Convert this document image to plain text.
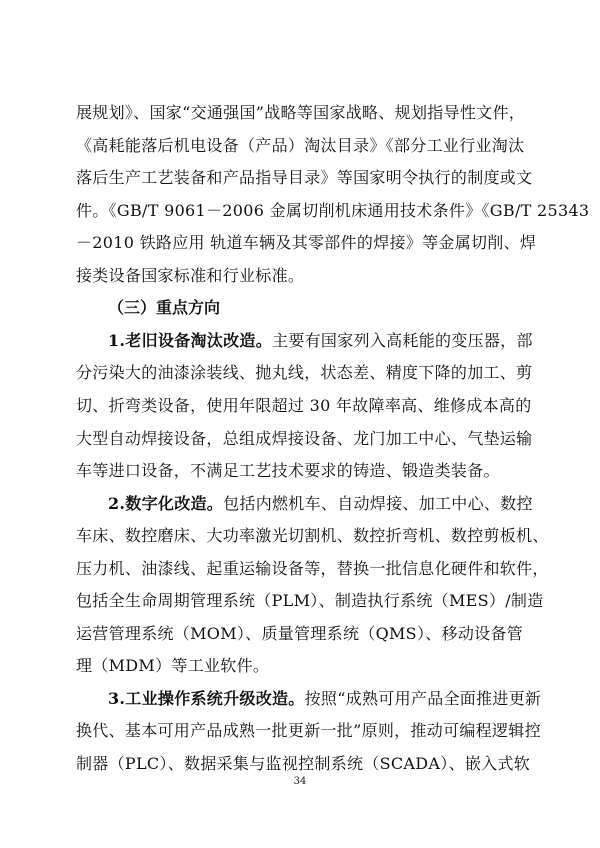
展规划》、国家“交通强国”战略等国家战略、规划指导性文件，
《高耗能落后机电设备（产品）淘汰目录》《部分工业行业淘汰
落后生产工艺装备和产品指导目录》等国家明令执行的制度或文
件。《GB/T 9061－2006 金属切削机床通用技术条件》《GB/T 25343
－2010 铁路应用 轨道车辆及其零部件的焊接》等金属切削、焊
接类设备国家标准和行业标准。
（三）重点方向
1.老旧设备淘汰改造。主要有国家列入高耗能的变压器，部
分污染大的油漆涂装线、抛丸线，状态差、精度下降的加工、剪
切、折弯类设备，使用年限超过 30 年故障率高、维修成本高的
大型自动焊接设备，总组成焊接设备、龙门加工中心、气垫运输
车等进口设备，不满足工艺技术要求的铸造、锻造类装备。
2.数字化改造。包括内燃机车、自动焊接、加工中心、数控
车床、数控磨床、大功率激光切割机、数控折弯机、数控剪板机、
压力机、油漆线、起重运输设备等，替换一批信息化硬件和软件，
包括全生命周期管理系统（PLM）、制造执行系统（MES）/制造
运营管理系统（MOM）、质量管理系统（QMS）、移动设备管
理（MDM）等工业软件。
3.工业操作系统升级改造。按照“成熟可用产品全面推进更新
换代、基本可用产品成熟一批更新一批”原则，推动可编程逻辑控
制器（PLC）、数据采集与监视控制系统（SCADA）、嵌入式软
34
